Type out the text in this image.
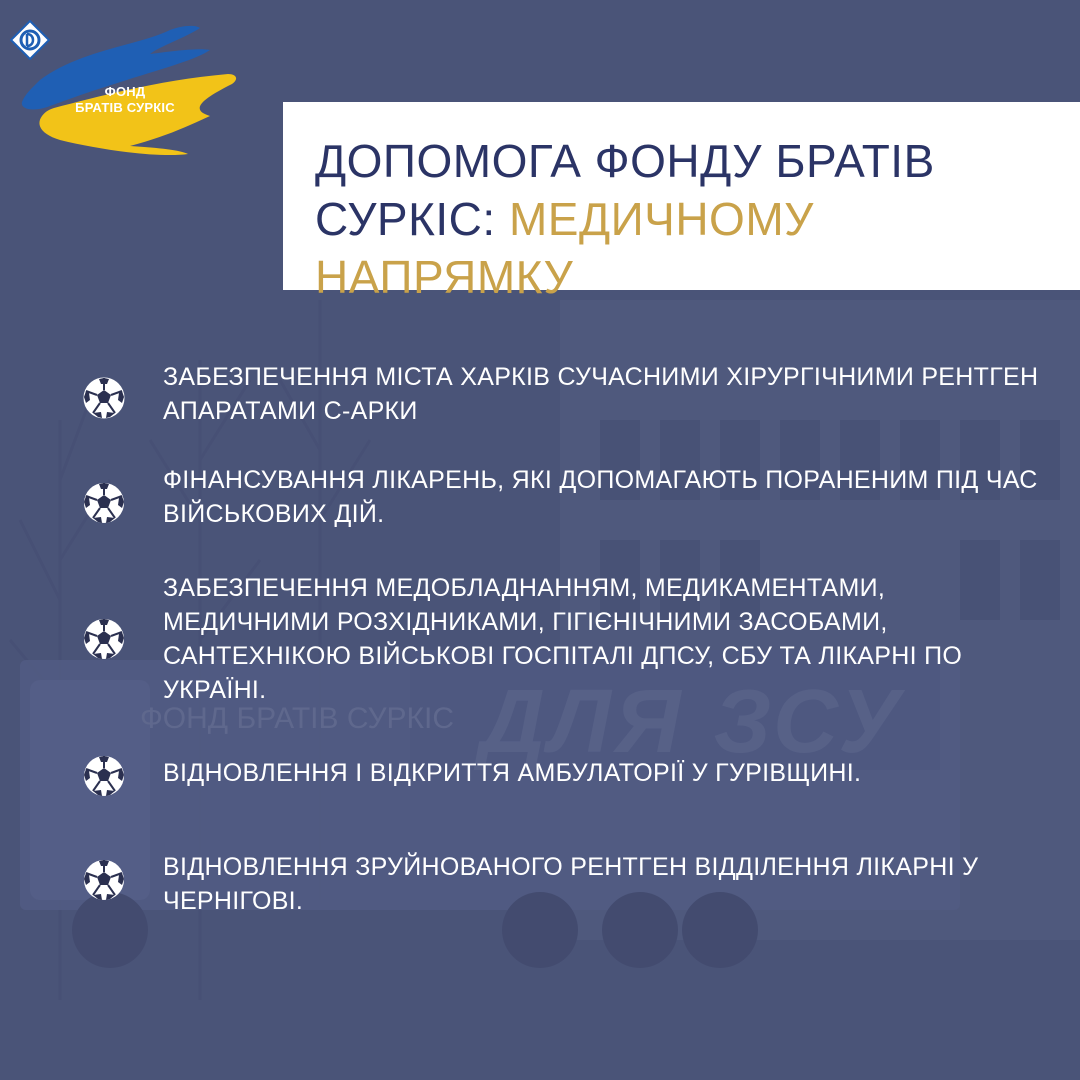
ФОНД БРАТІВ СУРКІС ДЛЯ ЗСУ
ФОНД
БРАТІВ СУРКІС
ДОПОМОГА ФОНДУ БРАТІВ СУРКІС: МЕДИЧНОМУ НАПРЯМКУ
ЗАБЕЗПЕЧЕННЯ МІСТА ХАРКІВ СУЧАСНИМИ ХІРУРГІЧНИМИ РЕНТГЕН АПАРАТАМИ С-АРКИ
ФІНАНСУВАННЯ ЛІКАРЕНЬ, ЯКІ ДОПОМАГАЮТЬ ПОРАНЕНИМ ПІД ЧАС ВІЙСЬКОВИХ ДІЙ.
ЗАБЕЗПЕЧЕННЯ МЕДОБЛАДНАННЯМ, МЕДИКАМЕНТАМИ, МЕДИЧНИМИ РОЗХІДНИКАМИ, ГІГІЄНІЧНИМИ ЗАСОБАМИ, САНТЕХНІКОЮ ВІЙСЬКОВІ ГОСПІТАЛІ ДПСУ, СБУ ТА ЛІКАРНІ ПО УКРАЇНІ.
ВІДНОВЛЕННЯ І ВІДКРИТТЯ АМБУЛАТОРІЇ У ГУРІВЩИНІ.
ВІДНОВЛЕННЯ ЗРУЙНОВАНОГО РЕНТГЕН ВІДДІЛЕННЯ ЛІКАРНІ У ЧЕРНІГОВІ.
